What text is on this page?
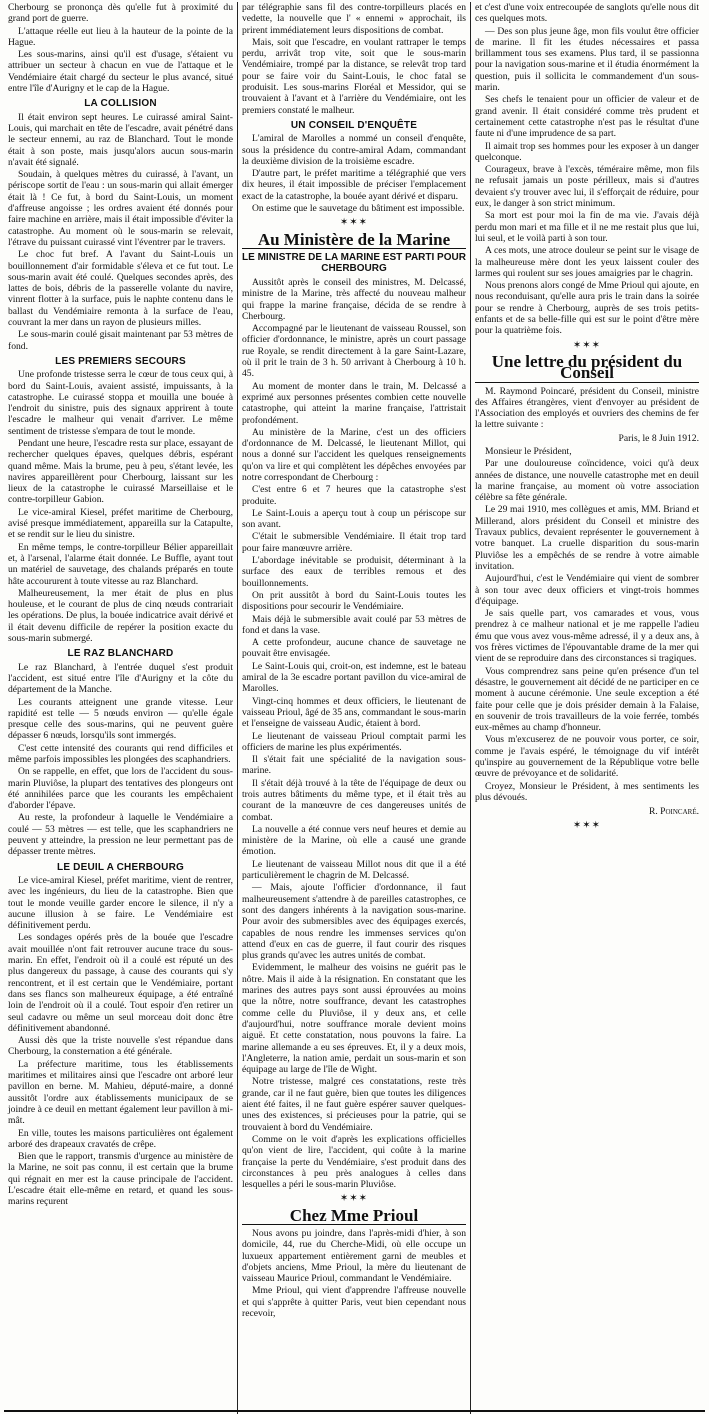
Cherbourg se prononça dès qu'elle fut à proximité du grand port de guerre.

L'attaque réelle eut lieu à la hauteur de la pointe de la Hague.

Les sous-marins, ainsi qu'il est d'usage, s'étaient vu attribuer un secteur à chacun en vue de l'attaque et le Vendémiaire était chargé du secteur le plus avancé, situé entre l'île d'Aurigny et le cap de la Hague.

LA COLLISION

Il était environ sept heures. Le cuirassé amiral Saint-Louis, qui marchait en tête de l'escadre, avait pénétré dans le secteur ennemi, au raz de Blanchard. Tout le monde était à son poste, mais jusqu'alors aucun sous-marin n'avait été signalé.

Soudain, à quelques mètres du cuirassé, à l'avant, un périscope sortit de l'eau : un sous-marin qui allait émerger était là ! Ce fut, à bord du Saint-Louis, un moment d'affreuse angoisse ; les ordres avaient été donnés pour faire machine en arrière, mais il était impossible d'éviter la catastrophe. Au moment où le sous-marin se relevait, l'étrave du puissant cuirassé vint l'éventrer par le travers.

Le choc fut bref. A l'avant du Saint-Louis un bouillonnement d'air formidable s'éleva et ce fut tout. Le sous-marin avait été coulé. Quelques secondes après, des lattes de bois, débris de la passerelle volante du navire, vinrent flotter à la surface, puis le naphte contenu dans le ballast du Vendémiaire remonta à la surface de l'eau, couvrant la mer dans un rayon de plusieurs milles.

Le sous-marin coulé gisait maintenant par 53 mètres de fond.

LES PREMIERS SECOURS

Une profonde tristesse serra le cœur de tous ceux qui, à bord du Saint-Louis, avaient assisté, impuissants, à la catastrophe. Le cuirassé stoppa et mouilla une bouée à l'endroit du sinistre, puis des signaux apprirent à toute l'escadre le malheur qui venait d'arriver. Le même sentiment de tristesse s'empara de tout le monde.

Pendant une heure, l'escadre resta sur place, essayant de rechercher quelques épaves, quelques débris, espérant quand même. Mais la brume, peu à peu, s'étant levée, les navires appareillèrent pour Cherbourg, laissant sur les lieux de la catastrophe le cuirassé Marseillaise et le contre-torpilleur Gabion.

Le vice-amiral Kiesel, préfet maritime de Cherbourg, avisé presque immédiatement, appareilla sur la Catapulte, et se rendit sur le lieu du sinistre.

En même temps, le contre-torpilleur Bélier appareillait et, à l'arsenal, l'alarme était donnée. Le Buffle, ayant tout un matériel de sauvetage, des chalands préparés en toute hâte accoururent à toute vitesse au raz Blanchard.

Malheureusement, la mer était de plus en plus houleuse, et le courant de plus de cinq nœuds contrariait les opérations. De plus, la bouée indicatrice avait dérivé et il était devenu difficile de repérer la position exacte du sous-marin submergé.

LE RAZ BLANCHARD

Le raz Blanchard, à l'entrée duquel s'est produit l'accident, est situé entre l'île d'Aurigny et la côte du département de la Manche.

Les courants atteignent une grande vitesse. Leur rapidité est telle — 5 nœuds environ — qu'elle égale presque celle des sous-marins, qui ne peuvent guère dépasser 6 nœuds, lorsqu'ils sont immergés.

C'est cette intensité des courants qui rend difficiles et même parfois impossibles les plongées des scaphandriers.

On se rappelle, en effet, que lors de l'accident du sous-marin Pluviôse, la plupart des tentatives des plongeurs ont été annihilées parce que les courants les empêchaient d'aborder l'épave.

Au reste, la profondeur à laquelle le Vendémiaire a coulé — 53 mètres — est telle, que les scaphandriers ne peuvent y atteindre, la pression ne leur permettant pas de dépasser trente mètres.

LE DEUIL A CHERBOURG

Le vice-amiral Kiesel, préfet maritime, vient de rentrer, avec les ingénieurs, du lieu de la catastrophe. Bien que tout le monde veuille garder encore le silence, il n'y a aucune illusion à se faire. Le Vendémiaire est définitivement perdu.

Les sondages opérés près de la bouée que l'escadre avait mouillée n'ont fait retrouver aucune trace du sous-marin. En effet, l'endroit où il a coulé est réputé un des plus dangereux du passage, à cause des courants qui s'y rencontrent, et il est certain que le Vendémiaire, portant dans ses flancs son malheureux équipage, a été entraîné loin de l'endroit où il a coulé. Tout espoir d'en retirer un seul cadavre ou même un seul morceau doit donc être définitivement abandonné.

Aussi dès que la triste nouvelle s'est répandue dans Cherbourg, la consternation a été générale.

La préfecture maritime, tous les établissements maritimes et militaires ainsi que l'escadre ont arboré leur pavillon en berne. M. Mahieu, député-maire, a donné aussitôt l'ordre aux établissements municipaux de se joindre à ce deuil en mettant également leur pavillon à mi-mât.

En ville, toutes les maisons particulières ont également arboré des drapeaux cravatés de crêpe.

Bien que le rapport, transmis d'urgence au ministère de la Marine, ne soit pas connu, il est certain que la brume qui régnait en mer est la cause principale de l'accident. L'escadre était elle-même en retard, et quand les sous-marins reçurent

par télégraphie sans fil des contre-torpilleurs placés en vedette, la nouvelle que l' « ennemi » approchait, ils prirent immédiatement leurs dispositions de combat.

Mais, soit que l'escadre, en voulant rattraper le temps perdu, arrivât trop vite, soit que le sous-marin Vendémiaire, trompé par la distance, se relevât trop tard pour se faire voir du Saint-Louis, le choc fatal se produisit. Les sous-marins Floréal et Messidor, qui se trouvaient à l'avant et à l'arrière du Vendémiaire, ont les premiers constaté le malheur.

UN CONSEIL D'ENQUÊTE

L'amiral de Marolles a nommé un conseil d'enquête, sous la présidence du contre-amiral Adam, commandant la deuxième division de la troisième escadre.

D'autre part, le préfet maritime a télégraphié que vers dix heures, il était impossible de préciser l'emplacement exact de la catastrophe, la bouée ayant dérivé et disparu.

On estime que le sauvetage du bâtiment est impossible.

✶✶✶
Au Ministère de la Marine
LE MINISTRE DE LA MARINE EST PARTI POUR CHERBOURG

Aussitôt après le conseil des ministres, M. Delcassé, ministre de la Marine, très affecté du nouveau malheur qui frappe la marine française, décida de se rendre à Cherbourg.

Accompagné par le lieutenant de vaisseau Roussel, son officier d'ordonnance, le ministre, après un court passage rue Royale, se rendit directement à la gare Saint-Lazare, où il prit le train de 3 h. 50 arrivant à Cherbourg à 10 h. 45.

Au moment de monter dans le train, M. Delcassé a exprimé aux personnes présentes combien cette nouvelle catastrophe, qui atteint la marine française, l'attristait profondément.

Au ministère de la Marine, c'est un des officiers d'ordonnance de M. Delcassé, le lieutenant Millot, qui nous a donné sur l'accident les quelques renseignements qu'on va lire et qui complètent les dépêches envoyées par notre correspondant de Cherbourg :

C'est entre 6 et 7 heures que la catastrophe s'est produite.

Le Saint-Louis a aperçu tout à coup un périscope sur son avant.

C'était le submersible Vendémiaire. Il était trop tard pour faire manœuvre arrière.

L'abordage inévitable se produisit, déterminant à la surface des eaux de terribles remous et des bouillonnements.

On prit aussitôt à bord du Saint-Louis toutes les dispositions pour secourir le Vendémiaire.

Mais déjà le submersible avait coulé par 53 mètres de fond et dans la vase.

A cette profondeur, aucune chance de sauvetage ne pouvait être envisagée.

Le Saint-Louis qui, croit-on, est indemne, est le bateau amiral de la 3e escadre portant pavillon du vice-amiral de Marolles.

Vingt-cinq hommes et deux officiers, le lieutenant de vaisseau Prioul, âgé de 35 ans, commandant le sous-marin et l'enseigne de vaisseau Audic, étaient à bord.

Le lieutenant de vaisseau Prioul comptait parmi les officiers de marine les plus expérimentés.

Il s'était fait une spécialité de la navigation sous-marine.

Il s'était déjà trouvé à la tête de l'équipage de deux ou trois autres bâtiments du même type, et il était très au courant de la manœuvre de ces dangereuses unités de combat.

La nouvelle a été connue vers neuf heures et demie au ministère de la Marine, où elle a causé une grande émotion.

Le lieutenant de vaisseau Millot nous dit que il a été particulièrement le chagrin de M. Delcassé.

— Mais, ajoute l'officier d'ordonnance, il faut malheureusement s'attendre à de pareilles catastrophes, ce sont des dangers inhérents à la navigation sous-marine. Pour avoir des submersibles avec des équipages exercés, capables de nous rendre les immenses services qu'on attend d'eux en cas de guerre, il faut courir des risques plus grands qu'avec les autres unités de combat.

Evidemment, le malheur des voisins ne guérit pas le nôtre. Mais il aide à la résignation. En constatant que les marines des autres pays sont aussi éprouvées au moins que la nôtre, notre souffrance, devant les catastrophes comme celle du Pluviôse, il y deux ans, et celle d'aujourd'hui, notre souffrance morale devient moins aiguë. Et cette constatation, nous pouvons la faire. La marine allemande a eu ses épreuves. Et, il y a deux mois, l'Angleterre, la nation amie, perdait un sous-marin et son équipage au large de l'île de Wight.

Notre tristesse, malgré ces constatations, reste très grande, car il ne faut guère, bien que toutes les diligences aient été faites, il ne faut guère espérer sauver quelques-unes des existences, si précieuses pour la patrie, qui se trouvaient à bord du Vendémiaire.

Comme on le voit d'après les explications officielles qu'on vient de lire, l'accident, qui coûte à la marine française la perte du Vendémiaire, s'est produit dans des circonstances à peu près analogues à celles dans lesquelles a péri le sous-marin Pluviôse.

✶✶✶
Chez Mme Prioul

Nous avons pu joindre, dans l'après-midi d'hier, à son domicile, 44, rue du Cherche-Midi, où elle occupe un luxueux appartement entièrement garni de meubles et d'objets anciens, Mme Prioul, la mère du lieutenant de vaisseau Maurice Prioul, commandant le Vendémiaire.

Mme Prioul, qui vient d'apprendre l'affreuse nouvelle et qui s'apprête à quitter Paris, veut bien cependant nous recevoir,

et c'est d'une voix entrecoupée de sanglots qu'elle nous dit ces quelques mots.

— Des son plus jeune âge, mon fils voulut être officier de marine. Il fit les études nécessaires et passa brillamment tous ses examens. Plus tard, il se passionna pour la navigation sous-marine et il étudia énormément la question, puis il sollicita le commandement d'un sous-marin.

Ses chefs le tenaient pour un officier de valeur et de grand avenir. Il était considéré comme très prudent et certainement cette catastrophe n'est pas le résultat d'une faute ni d'une imprudence de sa part.

Il aimait trop ses hommes pour les exposer à un danger quelconque.

Courageux, brave à l'excès, téméraire même, mon fils ne refusait jamais un poste périlleux, mais si d'autres devaient s'y trouver avec lui, il s'efforçait de réduire, pour eux, le danger à son strict minimum.

Sa mort est pour moi la fin de ma vie. J'avais déjà perdu mon mari et ma fille et il ne me restait plus que lui, lui seul, et le voilà parti à son tour.

A ces mots, une atroce douleur se peint sur le visage de la malheureuse mère dont les yeux laissent couler des larmes qui roulent sur ses joues amaigries par le chagrin.

Nous prenons alors congé de Mme Prioul qui ajoute, en nous reconduisant, qu'elle aura pris le train dans la soirée pour se rendre à Cherbourg, auprès de ses trois petits-enfants et de sa belle-fille qui est sur le point d'être mère pour la quatrième fois.

✶✶✶
Une lettre du président du Conseil

M. Raymond Poincaré, président du Conseil, ministre des Affaires étrangères, vient d'envoyer au président de l'Association des employés et ouvriers des chemins de fer la lettre suivante :

Paris, le 8 Juin 1912.

Monsieur le Président,

Par une douloureuse coïncidence, voici qu'à deux années de distance, une nouvelle catastrophe met en deuil la marine française, au moment où votre association célèbre sa fête générale.

Le 29 mai 1910, mes collègues et amis, MM. Briand et Millerand, alors président du Conseil et ministre des Travaux publics, devaient représenter le gouvernement à votre banquet. La cruelle disparition du sous-marin Pluviôse les a empêchés de se rendre à votre aimable invitation.

Aujourd'hui, c'est le Vendémiaire qui vient de sombrer à son tour avec deux officiers et vingt-trois hommes d'équipage.

Je sais quelle part, vos camarades et vous, vous prendrez à ce malheur national et je me rappelle l'adieu ému que vous avez vous-même adressé, il y a deux ans, à vos frères victimes de l'épouvantable drame de la mer qui vient de se reproduire dans des circonstances si tragiques.

Vous comprendrez sans peine qu'en présence d'un tel désastre, le gouvernement ait décidé de ne participer en ce moment à aucune cérémonie. Une seule exception a été faite pour celle que je dois présider demain à la Falaise, en souvenir de trois travailleurs de la voie ferrée, tombés eux-mêmes au champ d'honneur.

Vous m'excuserez de ne pouvoir vous porter, ce soir, comme je l'avais espéré, le témoignage du vif intérêt qu'inspire au gouvernement de la République votre belle œuvre de prévoyance et de solidarité.

Croyez, Monsieur le Président, à mes sentiments les plus dévoués.

R. Poincaré.
✶✶✶
